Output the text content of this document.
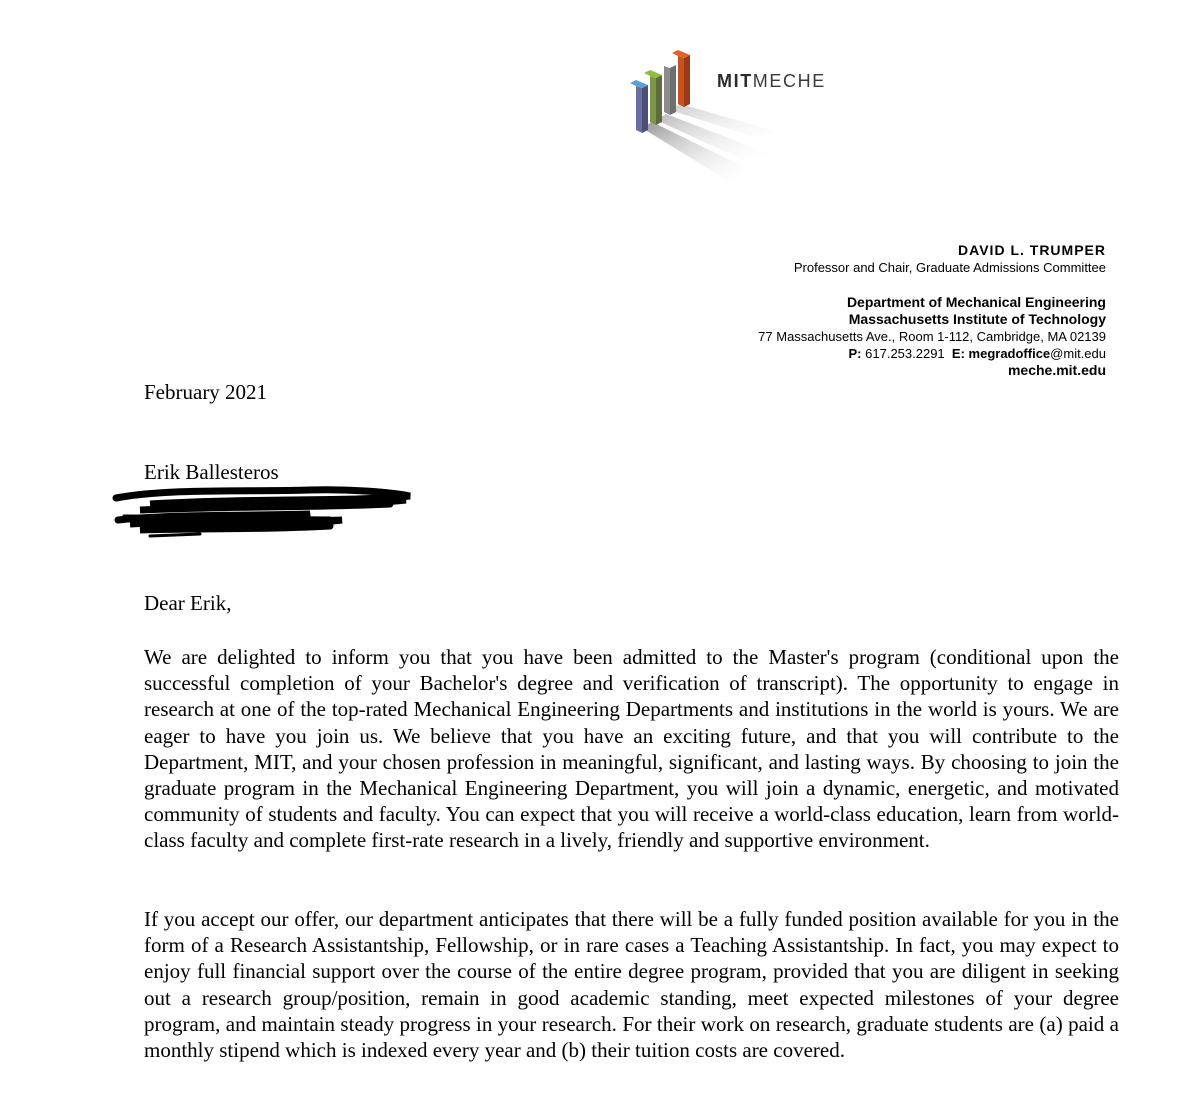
MITMECHE
DAVID L. TRUMPER
Professor and Chair, Graduate Admissions Committee
Department of Mechanical Engineering
Massachusetts Institute of Technology
77 Massachusetts Ave., Room 1-112, Cambridge, MA 02139
P: 617.253.2291 E: megradoffice@mit.edu
meche.mit.edu
February 2021
Erik Ballesteros
Dear Erik,

We are delighted to inform you that you have been admitted to the Master's program (conditional upon the successful completion of your Bachelor's degree and verification of transcript). The opportunity to engage in research at one of the top-rated Mechanical Engineering Departments and institutions in the world is yours. We are eager to have you join us. We believe that you have an exciting future, and that you will contribute to the Department, MIT, and your chosen profession in meaningful, significant, and lasting ways. By choosing to join the graduate program in the Mechanical Engineering Department, you will join a dynamic, energetic, and motivated community of students and faculty. You can expect that you will receive a world-class education, learn from world-class faculty and complete first-rate research in a lively, friendly and supportive environment.

If you accept our offer, our department anticipates that there will be a fully funded position available for you in the form of a Research Assistantship, Fellowship, or in rare cases a Teaching Assistantship. In fact, you may expect to enjoy full financial support over the course of the entire degree program, provided that you are diligent in seeking out a research group/position, remain in good academic standing, meet expected milestones of your degree program, and maintain steady progress in your research. For their work on research, graduate students are (a) paid a monthly stipend which is indexed every year and (b) their tuition costs are covered.
